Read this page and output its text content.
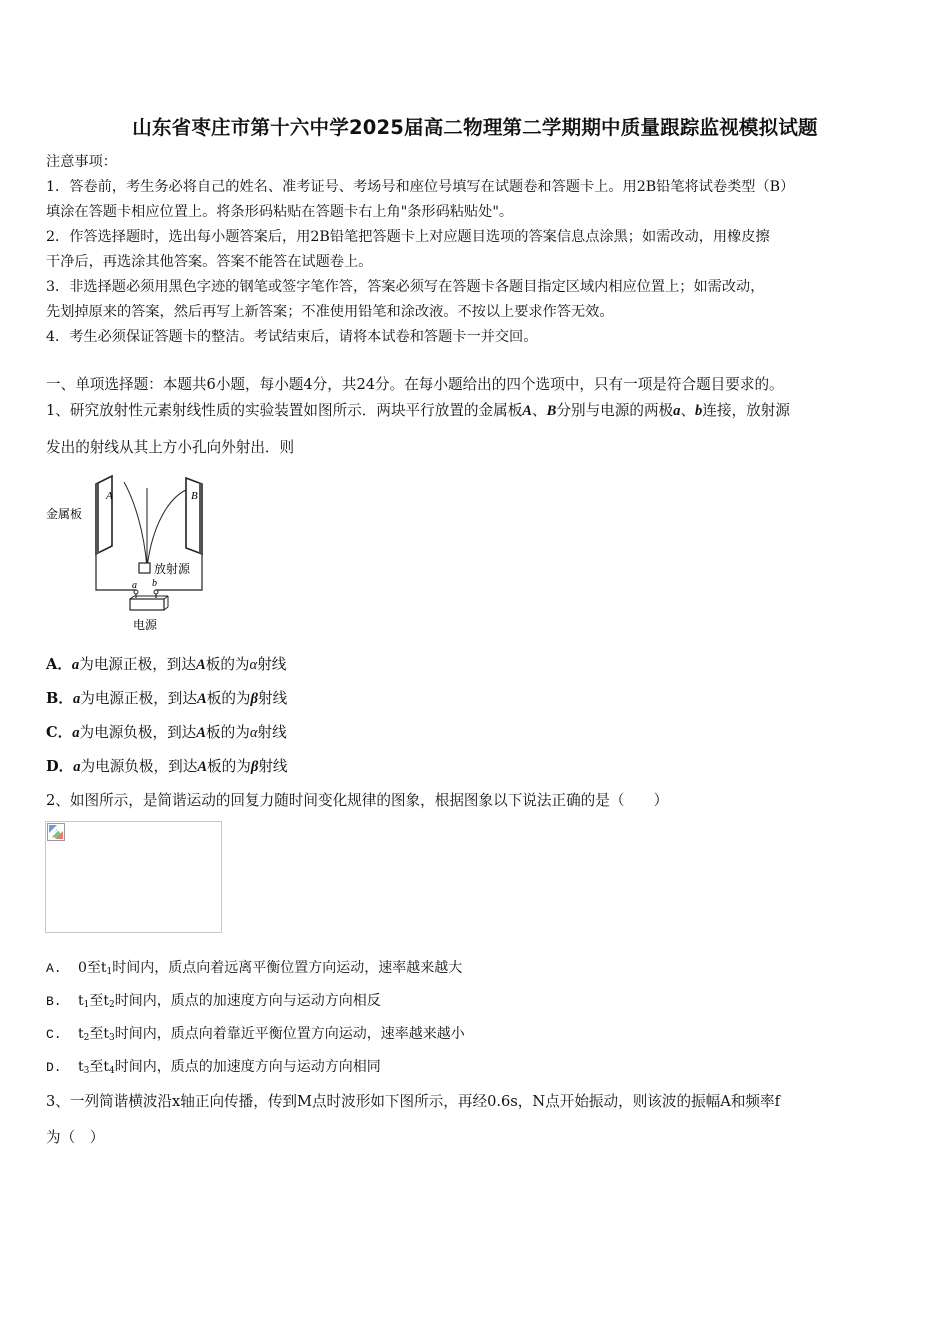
山东省枣庄市第十六中学2025届高二物理第二学期期中质量跟踪监视模拟试题
注意事项：
1．答卷前，考生务必将自己的姓名、准考证号、考场号和座位号填写在试题卷和答题卡上。用2B铅笔将试卷类型（B）
填涂在答题卡相应位置上。将条形码粘贴在答题卡右上角"条形码粘贴处"。
2．作答选择题时，选出每小题答案后，用2B铅笔把答题卡上对应题目选项的答案信息点涂黑；如需改动，用橡皮擦
干净后，再选涂其他答案。答案不能答在试题卷上。
3．非选择题必须用黑色字迹的钢笔或签字笔作答，答案必须写在答题卡各题目指定区域内相应位置上；如需改动，
先划掉原来的答案，然后再写上新答案；不准使用铅笔和涂改液。不按以上要求作答无效。
4．考生必须保证答题卡的整洁。考试结束后，请将本试卷和答题卡一并交回。
一、单项选择题：本题共6小题，每小题4分，共24分。在每小题给出的四个选项中，只有一项是符合题目要求的。
1、研究放射性元素射线性质的实验装置如图所示．两块平行放置的金属板A、B分别与电源的两极a、b连接，放射源
发出的射线从其上方小孔向外射出．则
A	B
放射源
a b
电源
金属板
A．a为电源正极，到达A板的为α射线
B．a为电源正极，到达A板的为β射线
C．a为电源负极，到达A板的为α射线
D．a为电源负极，到达A板的为β射线
2、如图所示，是简谐运动的回复力随时间变化规律的图象，根据图象以下说法正确的是（　　）
A. 0至$t_1$时间内，质点向着远离平衡位置方向运动，速率越来越大
B. $t_1$至$t_2$时间内，质点的加速度方向与运动方向相反
C. $t_2$至$t_3$时间内，质点向着靠近平衡位置方向运动，速率越来越小
D. $t_3$至$t_4$时间内，质点的加速度方向与运动方向相同
3、一列简谐横波沿x轴正向传播，传到M点时波形如下图所示，再经0.6s，N点开始振动，则该波的振幅A和频率f
为（　）
